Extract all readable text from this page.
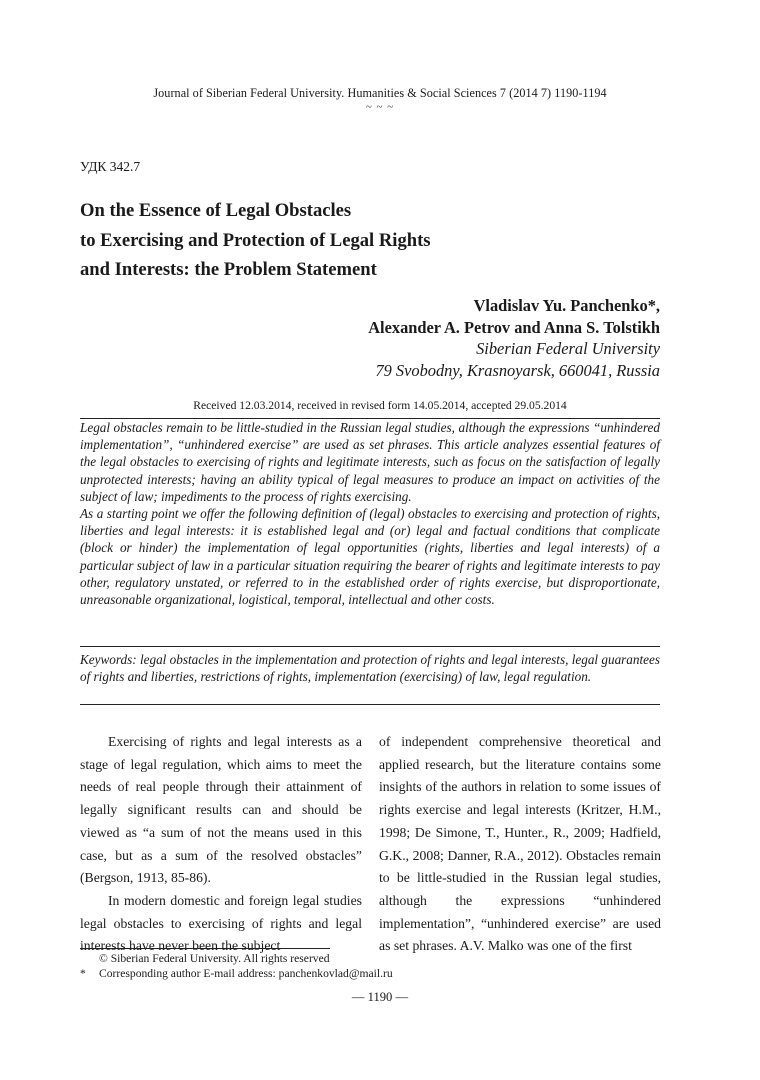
Journal of Siberian Federal University. Humanities & Social Sciences 7 (2014 7) 1190-1194
~ ~ ~
УДК 342.7
On the Essence of Legal Obstacles
to Exercising and Protection of Legal Rights
and Interests: the Problem Statement
Vladislav Yu. Panchenko*,
Alexander A. Petrov and Anna S. Tolstikh
Siberian Federal University
79 Svobodny, Krasnoyarsk, 660041, Russia
Received 12.03.2014, received in revised form 14.05.2014, accepted 29.05.2014

Legal obstacles remain to be little-studied in the Russian legal studies, although the expressions “unhindered implementation”, “unhindered exercise” are used as set phrases. This article analyzes essential features of the legal obstacles to exercising of rights and legitimate interests, such as focus on the satisfaction of legally unprotected interests; having an ability typical of legal measures to produce an impact on activities of the subject of law; impediments to the process of rights exercising.

As a starting point we offer the following definition of (legal) obstacles to exercising and protection of rights, liberties and legal interests: it is established legal and (or) legal and factual conditions that complicate (block or hinder) the implementation of legal opportunities (rights, liberties and legal interests) of a particular subject of law in a particular situation requiring the bearer of rights and legitimate interests to pay other, regulatory unstated, or referred to in the established order of rights exercise, but disproportionate, unreasonable organizational, logistical, temporal, intellectual and other costs.

Keywords: legal obstacles in the implementation and protection of rights and legal interests, legal guarantees of rights and liberties, restrictions of rights, implementation (exercising) of law, legal regulation.

Exercising of rights and legal interests as a stage of legal regulation, which aims to meet the needs of real people through their attainment of legally significant results can and should be viewed as “a sum of not the means used in this case, but as a sum of the resolved obstacles” (Bergson, 1913, 85-86).

In modern domestic and foreign legal studies legal obstacles to exercising of rights and legal interests have never been the subject

of independent comprehensive theoretical and applied research, but the literature contains some insights of the authors in relation to some issues of rights exercise and legal interests (Kritzer, H.M., 1998; De Simone, T., Hunter., R., 2009; Hadfield, G.K., 2008; Danner, R.A., 2012). Obstacles remain to be little-studied in the Russian legal studies, although the expressions “unhindered implementation”, “unhindered exercise” are used as set phrases. A.V. Malko was one of the first

© Siberian Federal University. All rights reserved
* Corresponding author E-mail address: panchenkovlad@mail.ru
— 1190 —
